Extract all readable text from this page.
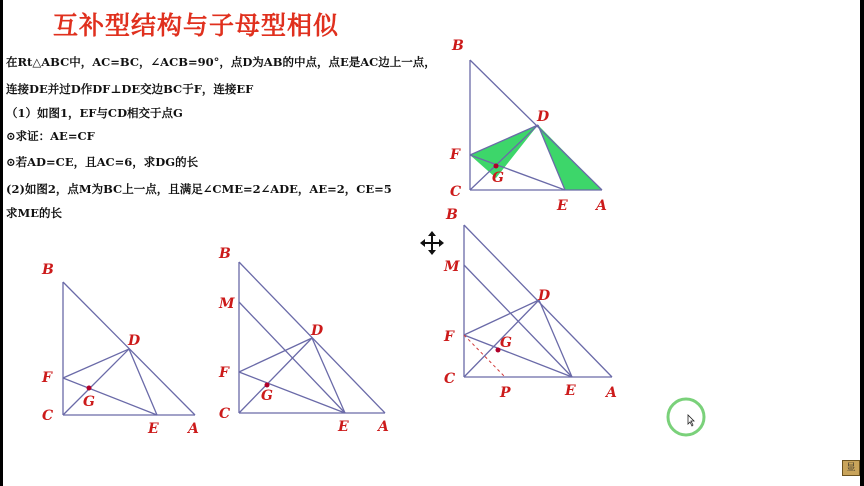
互补型结构与子母型相似
在Rt△ABC中，AC=BC，∠ACB=90°，点D为AB的中点，点E是AC边上一点，
连接DE并过D作DF⊥DE交边BC于F，连接EF
（1）如图1，EF与CD相交于点G
⊙求证：AE=CF
⊙若AD=CE，且AC=6，求DG的长
(2)如图2，点M为BC上一点，且满足∠CME=2∠ADE，AE=2，CE=5
求ME的长
B
F
C
D
G
E A
B
M
F
C
D
G
P	E A
B
F
C
D
G
E A
B
M
F
C
D
G
E A
显
